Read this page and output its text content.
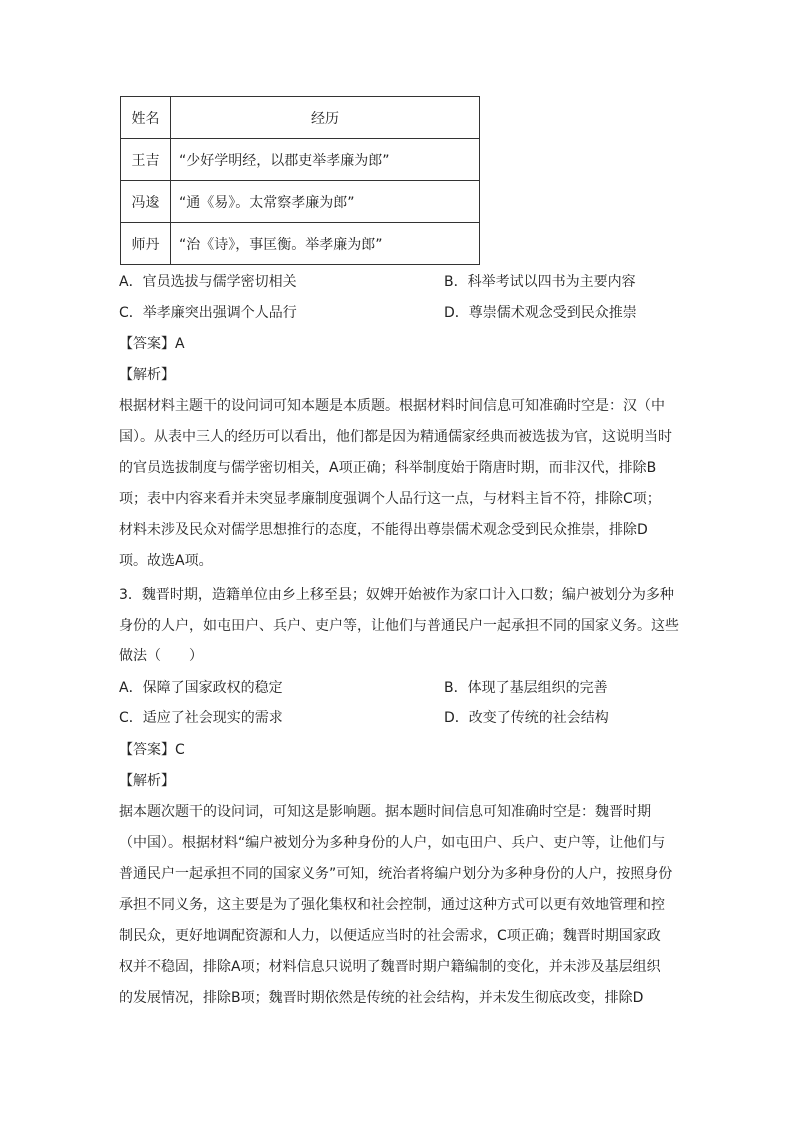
姓名	经历
王吉	“少好学明经，以郡吏举孝廉为郎”
冯逡	“通《易》。太常察孝廉为郎”
师丹	“治《诗》，事匡衡。举孝廉为郎”
A．官员选拔与儒学密切相关	B．科举考试以四书为主要内容
C．举孝廉突出强调个人品行	D．尊崇儒术观念受到民众推崇
【答案】A
【解析】
根据材料主题干的设问词可知本题是本质题。根据材料时间信息可知准确时空是：汉（中
国）。从表中三人的经历可以看出，他们都是因为精通儒家经典而被选拔为官，这说明当时
的官员选拔制度与儒学密切相关，A项正确；科举制度始于隋唐时期，而非汉代，排除B
项；表中内容来看并未突显孝廉制度强调个人品行这一点，与材料主旨不符，排除C项；
材料未涉及民众对儒学思想推行的态度，不能得出尊崇儒术观念受到民众推崇，排除D
项。故选A项。
3．魏晋时期，造籍单位由乡上移至县；奴婢开始被作为家口计入口数；编户被划分为多种
身份的人户，如屯田户、兵户、吏户等，让他们与普通民户一起承担不同的国家义务。这些
做法（　　）
A．保障了国家政权的稳定	B．体现了基层组织的完善
C．适应了社会现实的需求	D．改变了传统的社会结构
【答案】C
【解析】
据本题次题干的设问词，可知这是影响题。据本题时间信息可知准确时空是：魏晋时期
（中国）。根据材料“编户被划分为多种身份的人户，如屯田户、兵户、吏户等，让他们与
普通民户一起承担不同的国家义务”可知，统治者将编户划分为多种身份的人户，按照身份
承担不同义务，这主要是为了强化集权和社会控制，通过这种方式可以更有效地管理和控
制民众，更好地调配资源和人力，以便适应当时的社会需求，C项正确；魏晋时期国家政
权并不稳固，排除A项；材料信息只说明了魏晋时期户籍编制的变化，并未涉及基层组织
的发展情况，排除B项；魏晋时期依然是传统的社会结构，并未发生彻底改变，排除D
